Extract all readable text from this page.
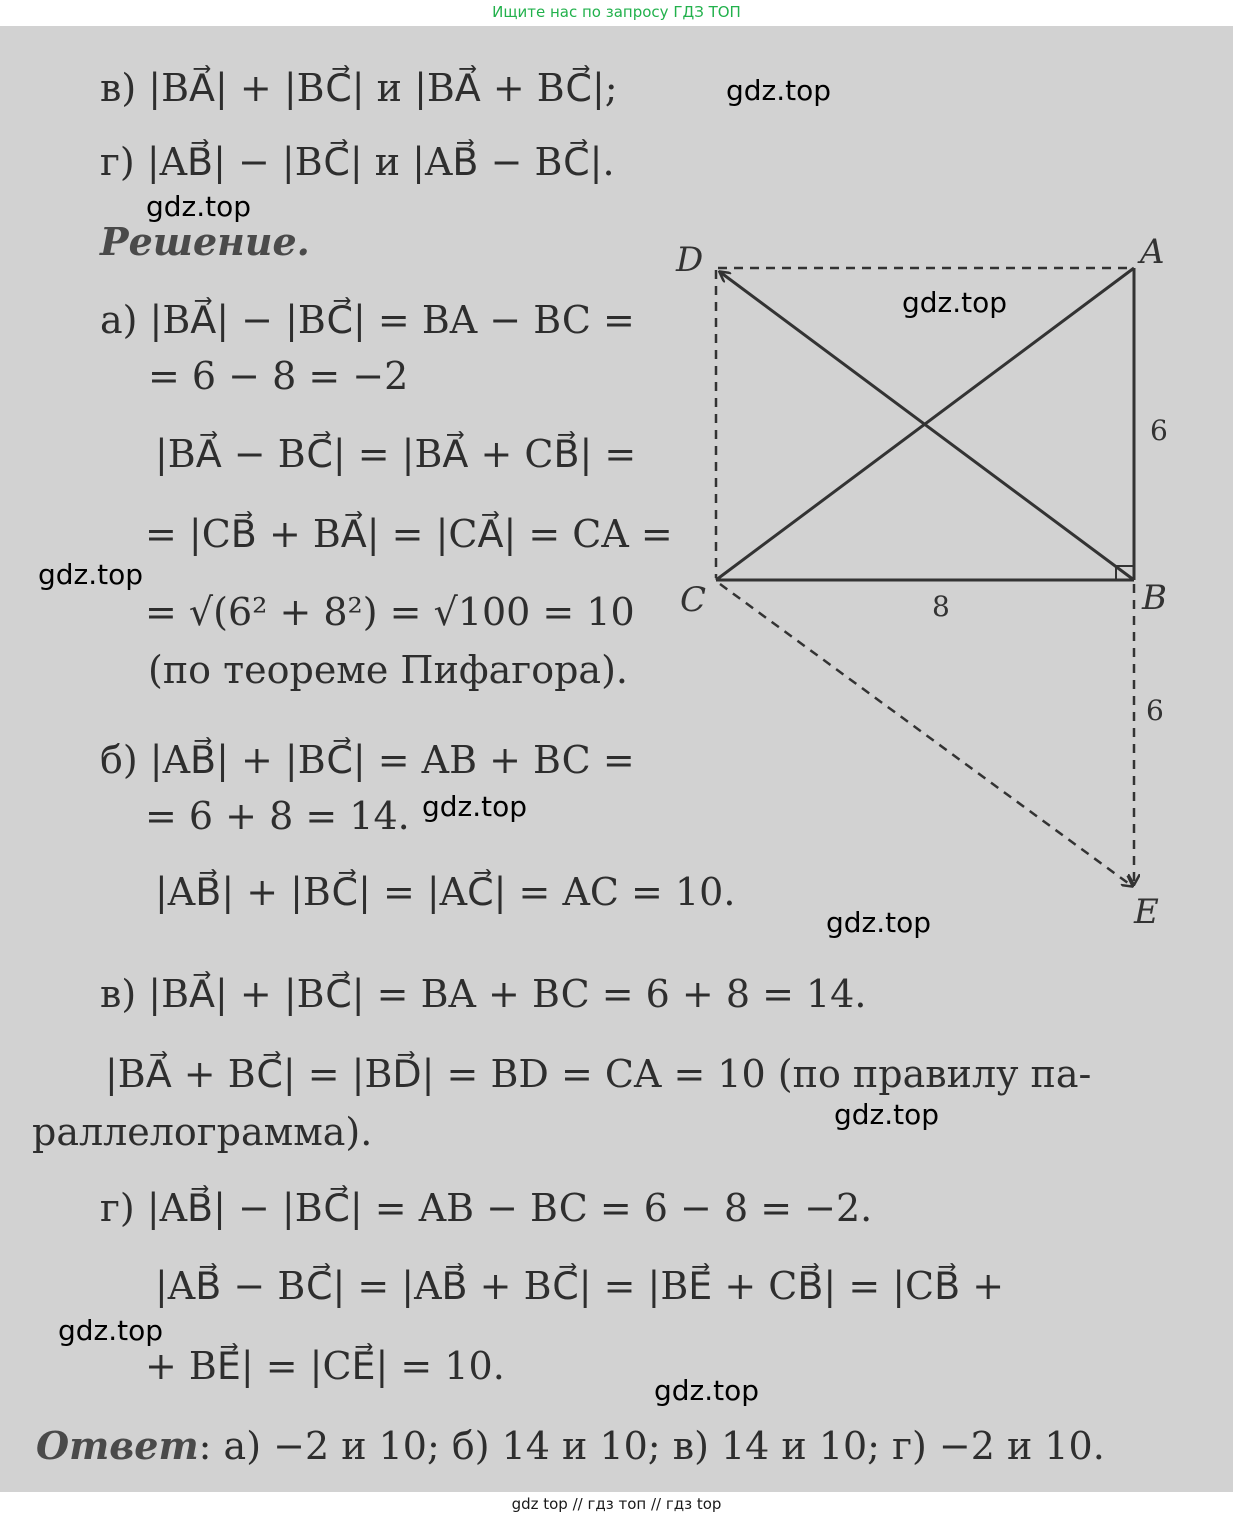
Ищите нас по запросу ГДЗ ТОП
в) |BA⃗| + |BC⃗| и |BA⃗ + BC⃗|;
г) |AB⃗| − |BC⃗| и |AB⃗ − BC⃗|.
Решение.
а) |BA⃗| − |BC⃗| = BA − BC =
= 6 − 8 = −2
|BA⃗ − BC⃗| = |BA⃗ + CB⃗| =
= |CB⃗ + BA⃗| = |CA⃗| = CA =
= √(6² + 8²) = √100 = 10
(по теореме Пифагора).
б) |AB⃗| + |BC⃗| = AB + BC =
= 6 + 8 = 14.
|AB⃗| + |BC⃗| = |AC⃗| = AC = 10.
в) |BA⃗| + |BC⃗| = BA + BC = 6 + 8 = 14.
|BA⃗ + BC⃗| = |BD⃗| = BD = CA = 10 (по правилу па-
раллелограмма).
г) |AB⃗| − |BC⃗| = AB − BC = 6 − 8 = −2.
|AB⃗ − BC⃗| = |AB⃗ + BC⃗| = |BE⃗ + CB⃗| = |CB⃗ +
+ BE⃗| = |CE⃗| = 10.
Ответ: а) −2 и 10; б) 14 и 10; в) 14 и 10; г) −2 и 10.
D	A
C	B
E
6
8
6
gdz.top
gdz.top
gdz.top
gdz.top
gdz.top
gdz.top
gdz.top
gdz.top
gdz.top
gdz top // гдз топ // гдз top
